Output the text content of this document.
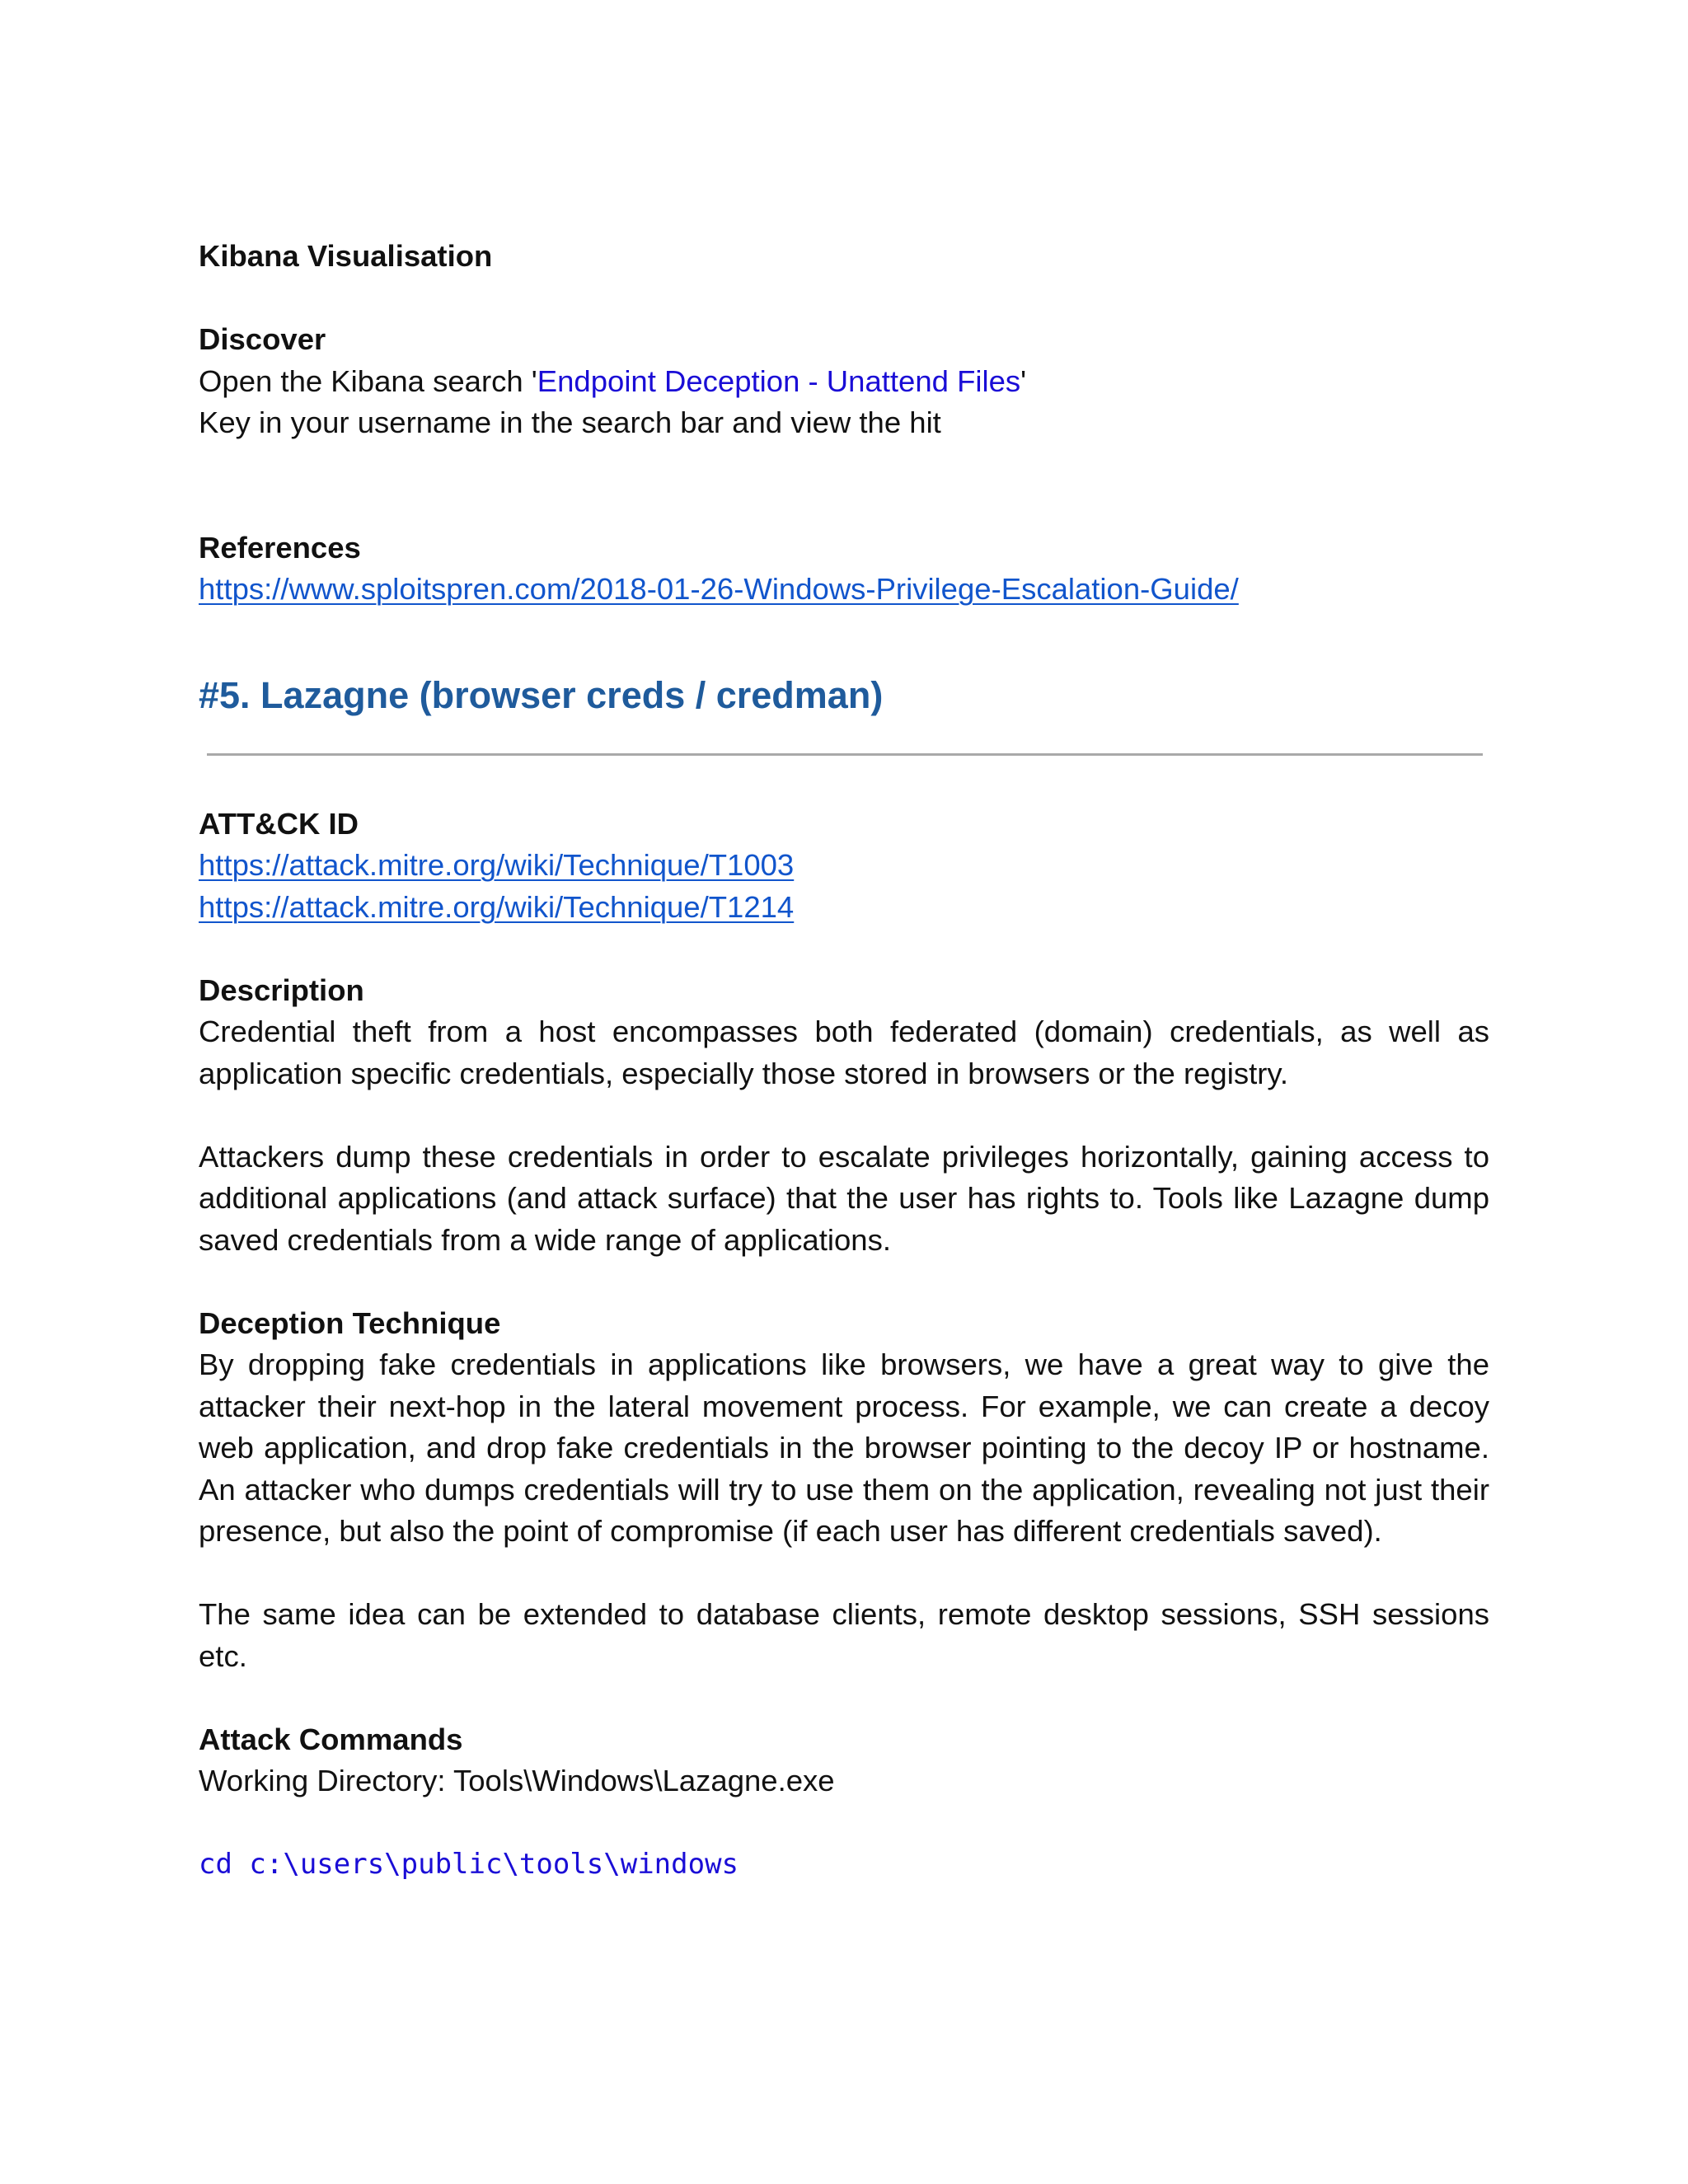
Kibana Visualisation

Discover

Open the Kibana search 'Endpoint Deception - Unattend Files'

Key in your username in the search bar and view the hit

References

https://www.sploitspren.com/2018-01-26-Windows-Privilege-Escalation-Guide/

#5. Lazagne (browser creds / credman)

ATT&CK ID

https://attack.mitre.org/wiki/Technique/T1003

https://attack.mitre.org/wiki/Technique/T1214

Description

Credential theft from a host encompasses both federated (domain) credentials, as well as application specific credentials, especially those stored in browsers or the registry.

Attackers dump these credentials in order to escalate privileges horizontally, gaining access to additional applications (and attack surface) that the user has rights to. Tools like Lazagne dump saved credentials from a wide range of applications.

Deception Technique

By dropping fake credentials in applications like browsers, we have a great way to give the attacker their next-hop in the lateral movement process. For example, we can create a decoy web application, and drop fake credentials in the browser pointing to the decoy IP or hostname. An attacker who dumps credentials will try to use them on the application, revealing not just their presence, but also the point of compromise (if each user has different credentials saved).

The same idea can be extended to database clients, remote desktop sessions, SSH sessions etc.

Attack Commands

Working Directory: Tools\Windows\Lazagne.exe

cd c:\users\public\tools\windows
